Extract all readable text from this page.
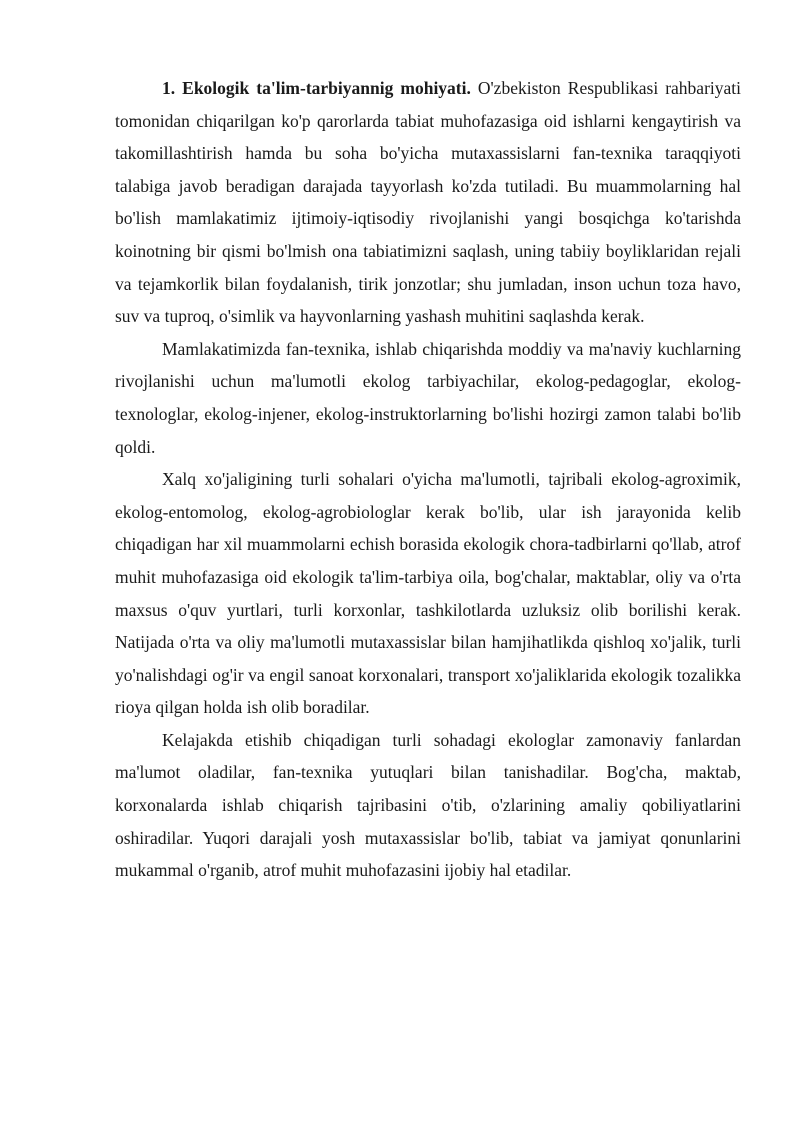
1. Ekologik ta'lim-tarbiyannig mohiyati. O'zbekiston Respublikasi rahbariyati tomonidan chiqarilgan ko'p qarorlarda tabiat muhofazasiga oid ishlarni kengaytirish va takomillashtirish hamda bu soha bo'yicha mutaxassislarni fan-texnika taraqqiyoti talabiga javob beradigan darajada tayyorlash ko'zda tutiladi. Bu muammolarning hal bo'lish mamlakatimiz ijtimoiy-iqtisodiy rivojlanishi yangi bosqichga ko'tarishda koinotning bir qismi bo'lmish ona tabiatimizni saqlash, uning tabiiy boyliklaridan rejali va tejamkorlik bilan foydalanish, tirik jonzotlar; shu jumladan, inson uchun toza havo, suv va tuproq, o'simlik va hayvonlarning yashash muhitini saqlashda kerak.

Mamlakatimizda fan-texnika, ishlab chiqarishda moddiy va ma'naviy kuchlarning rivojlanishi uchun ma'lumotli ekolog tarbiyachilar, ekolog-pedagoglar, ekolog-texnologlar, ekolog-injener, ekolog-instruktorlarning bo'lishi hozirgi zamon talabi bo'lib qoldi.

Xalq xo'jaligining turli sohalari o'yicha ma'lumotli, tajribali ekolog-agroximik, ekolog-entomolog, ekolog-agrobiologlar kerak bo'lib, ular ish jarayonida kelib chiqadigan har xil muammolarni echish borasida ekologik chora-tadbirlarni qo'llab, atrof muhit muhofazasiga oid ekologik ta'lim-tarbiya oila, bog'chalar, maktablar, oliy va o'rta maxsus o'quv yurtlari, turli korxonlar, tashkilotlarda uzluksiz olib borilishi kerak. Natijada o'rta va oliy ma'lumotli mutaxassislar bilan hamjihatlikda qishloq xo'jalik, turli yo'nalishdagi og'ir va engil sanoat korxonalari, transport xo'jaliklarida ekologik tozalikka rioya qilgan holda ish olib boradilar.

Kelajakda etishib chiqadigan turli sohadagi ekologlar zamonaviy fanlardan ma'lumot oladilar, fan-texnika yutuqlari bilan tanishadilar. Bog'cha, maktab, korxonalarda ishlab chiqarish tajribasini o'tib, o'zlarining amaliy qobiliyatlarini oshiradilar. Yuqori darajali yosh mutaxassislar bo'lib, tabiat va jamiyat qonunlarini mukammal o'rganib, atrof muhit muhofazasini ijobiy hal etadilar.
